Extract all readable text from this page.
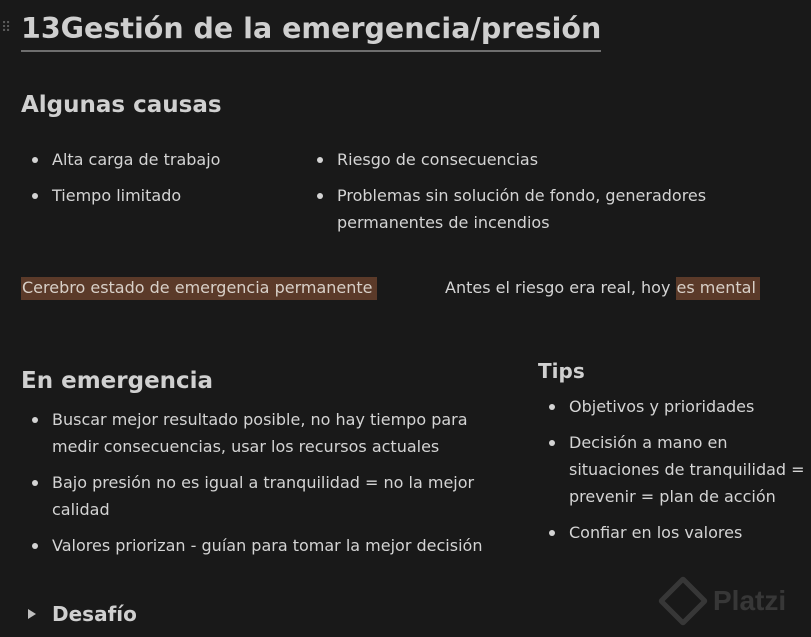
⠿ 13Gestión de la emergencia/presión
Algunas causas
Alta carga de trabajo
Tiempo limitado
Riesgo de consecuencias
Problemas sin solución de fondo, generadores permanentes de incendios
Cerebro estado de emergencia permanente	Antes el riesgo era real, hoy es mental
En emergencia
Buscar mejor resultado posible, no hay tiempo para medir consecuencias, usar los recursos actuales
Bajo presión no es igual a tranquilidad = no la mejor calidad
Valores priorizan - guían para tomar la mejor decisión
Tips
Objetivos y prioridades
Decisión a mano en situaciones de tranquilidad = prevenir = plan de acción
Confiar en los valores
Desafío	Platzi
